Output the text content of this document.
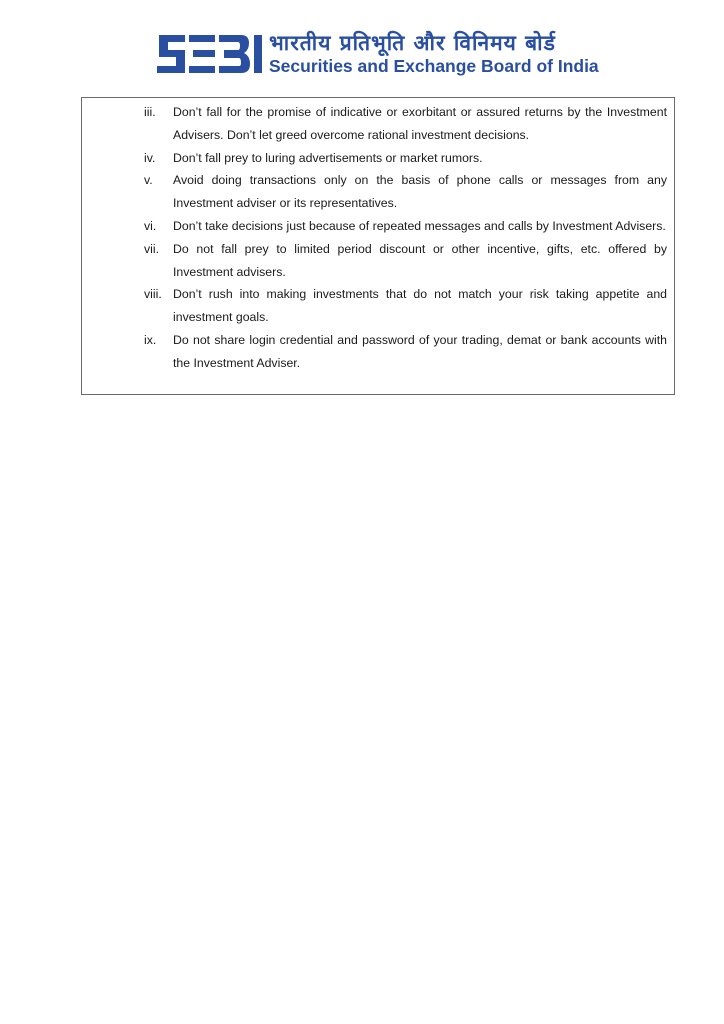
भारतीय प्रतिभूति और विनिमय बोर्ड
Securities and Exchange Board of India
iii.	Don’t fall for the promise of indicative or exorbitant or assured returns by the Investment Advisers. Don’t let greed overcome rational investment decisions.
iv.	Don’t fall prey to luring advertisements or market rumors.
v.	Avoid doing transactions only on the basis of phone calls or messages from any Investment adviser or its representatives.
vi.	Don’t take decisions just because of repeated messages and calls by Investment Advisers.
vii.	Do not fall prey to limited period discount or other incentive, gifts, etc. offered by Investment advisers.
viii. Don’t rush into making investments that do not match your risk taking appetite and investment goals.
ix.	Do not share login credential and password of your trading, demat or bank accounts with the Investment Adviser.
